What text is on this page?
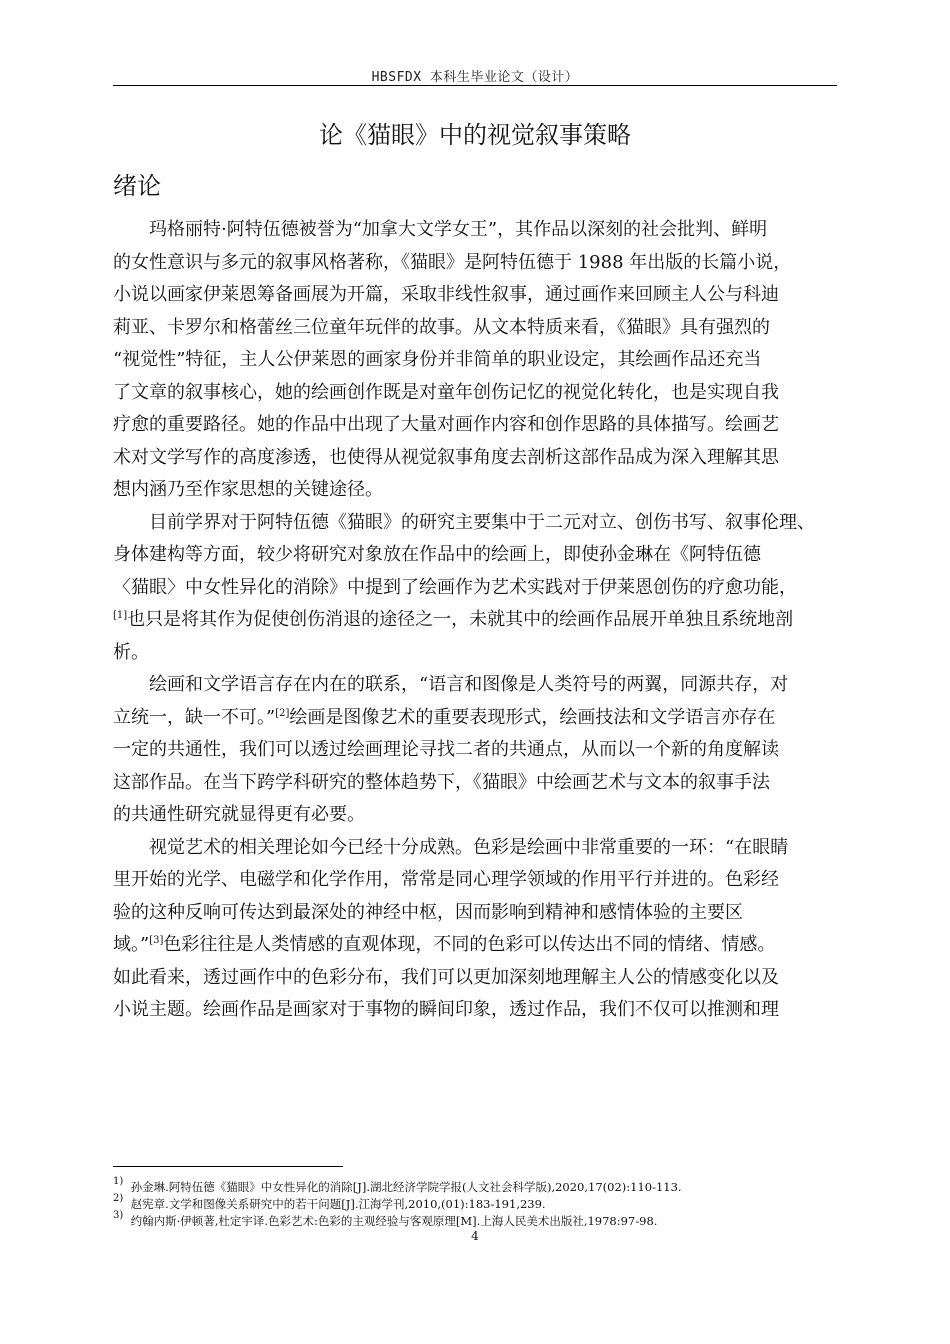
HBSFDX 本科生毕业论文（设计）
论《猫眼》中的视觉叙事策略
绪论
玛格丽特·阿特伍德被誉为“加拿大文学女王”，其作品以深刻的社会批判、鲜明
的女性意识与多元的叙事风格著称，《猫眼》是阿特伍德于 1988 年出版的长篇小说，
小说以画家伊莱恩筹备画展为开篇，采取非线性叙事，通过画作来回顾主人公与科迪
莉亚、卡罗尔和格蕾丝三位童年玩伴的故事。从文本特质来看，《猫眼》具有强烈的
“视觉性”特征，主人公伊莱恩的画家身份并非简单的职业设定，其绘画作品还充当
了文章的叙事核心，她的绘画创作既是对童年创伤记忆的视觉化转化，也是实现自我
疗愈的重要路径。她的作品中出现了大量对画作内容和创作思路的具体描写。绘画艺
术对文学写作的高度渗透，也使得从视觉叙事角度去剖析这部作品成为深入理解其思
想内涵乃至作家思想的关键途径。
目前学界对于阿特伍德《猫眼》的研究主要集中于二元对立、创伤书写、叙事伦理、
身体建构等方面，较少将研究对象放在作品中的绘画上，即使孙金琳在《阿特伍德
〈猫眼〉中女性异化的消除》中提到了绘画作为艺术实践对于伊莱恩创伤的疗愈功能，
[1]也只是将其作为促使创伤消退的途径之一，未就其中的绘画作品展开单独且系统地剖
析。
绘画和文学语言存在内在的联系，“语言和图像是人类符号的两翼，同源共存，对
立统一，缺一不可。”[2]绘画是图像艺术的重要表现形式，绘画技法和文学语言亦存在
一定的共通性，我们可以透过绘画理论寻找二者的共通点，从而以一个新的角度解读
这部作品。在当下跨学科研究的整体趋势下，《猫眼》中绘画艺术与文本的叙事手法
的共通性研究就显得更有必要。
视觉艺术的相关理论如今已经十分成熟。色彩是绘画中非常重要的一环：“在眼睛
里开始的光学、电磁学和化学作用，常常是同心理学领域的作用平行并进的。色彩经
验的这种反响可传达到最深处的神经中枢，因而影响到精神和感情体验的主要区
域。”[3]色彩往往是人类情感的直观体现，不同的色彩可以传达出不同的情绪、情感。
如此看来，透过画作中的色彩分布，我们可以更加深刻地理解主人公的情感变化以及
小说主题。绘画作品是画家对于事物的瞬间印象，透过作品，我们不仅可以推测和理
$^{1)}$ 孙金琳.阿特伍德《猫眼》中女性异化的消除[J].湖北经济学院学报(人文社会科学版),2020,17(02):110-113.
$^{2)}$ 赵宪章.文学和图像关系研究中的若干问题[J].江海学刊,2010,(01):183-191,239.
$^{3)}$ 约翰内斯·伊顿著,杜定宇译.色彩艺术:色彩的主观经验与客观原理[M].上海人民美术出版社,1978:97-98.
4
